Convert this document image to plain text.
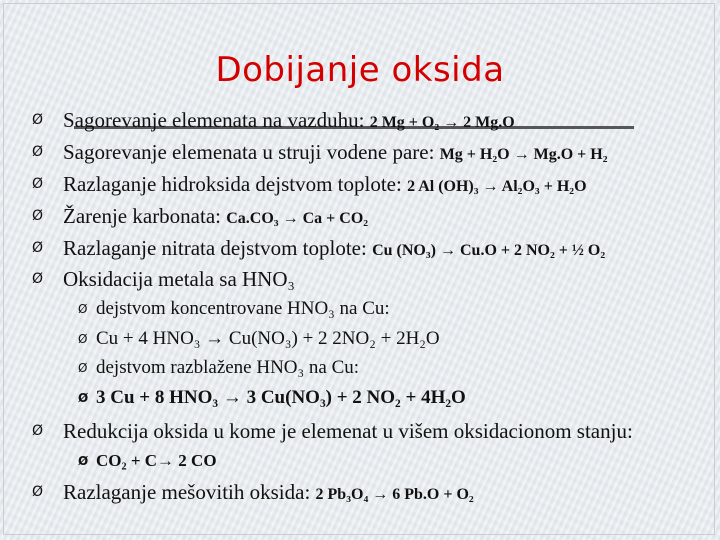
Dobijanje oksida
Ø Sagorevanje elemenata na vazduhu: 2 Mg + O₂ → 2 Mg.O
Ø Sagorevanje elemenata u struji vodene pare: Mg + H₂O → Mg.O + H₂
Ø Razlaganje hidroksida dejstvom toplote: 2 Al (OH)₃ → Al₂O₃ + H₂O
Ø Žarenje karbonata: Ca.CO₃ → Ca + CO₂
Ø Razlaganje nitrata dejstvom toplote: Cu (NO₃) → Cu.O + 2 NO₂ + ½ O₂
Ø Oksidacija metala sa HNO₃
Ø dejstvom koncentrovane HNO₃ na Cu:
Ø Cu + 4 HNO₃ → Cu(NO₃) + 2 2NO₂ + 2H₂O
Ø dejstvom razblažene HNO₃ na Cu:
Ø 3 Cu + 8 HNO₃ → 3 Cu(NO₃) + 2 NO₂ + 4H₂O
Ø Redukcija oksida u kome je elemenat u višem oksidacionom stanju:
Ø CO₂ + C→ 2 CO
Ø Razlaganje mešovitih oksida: 2 Pb₃O₄ → 6 Pb.O + O₂
